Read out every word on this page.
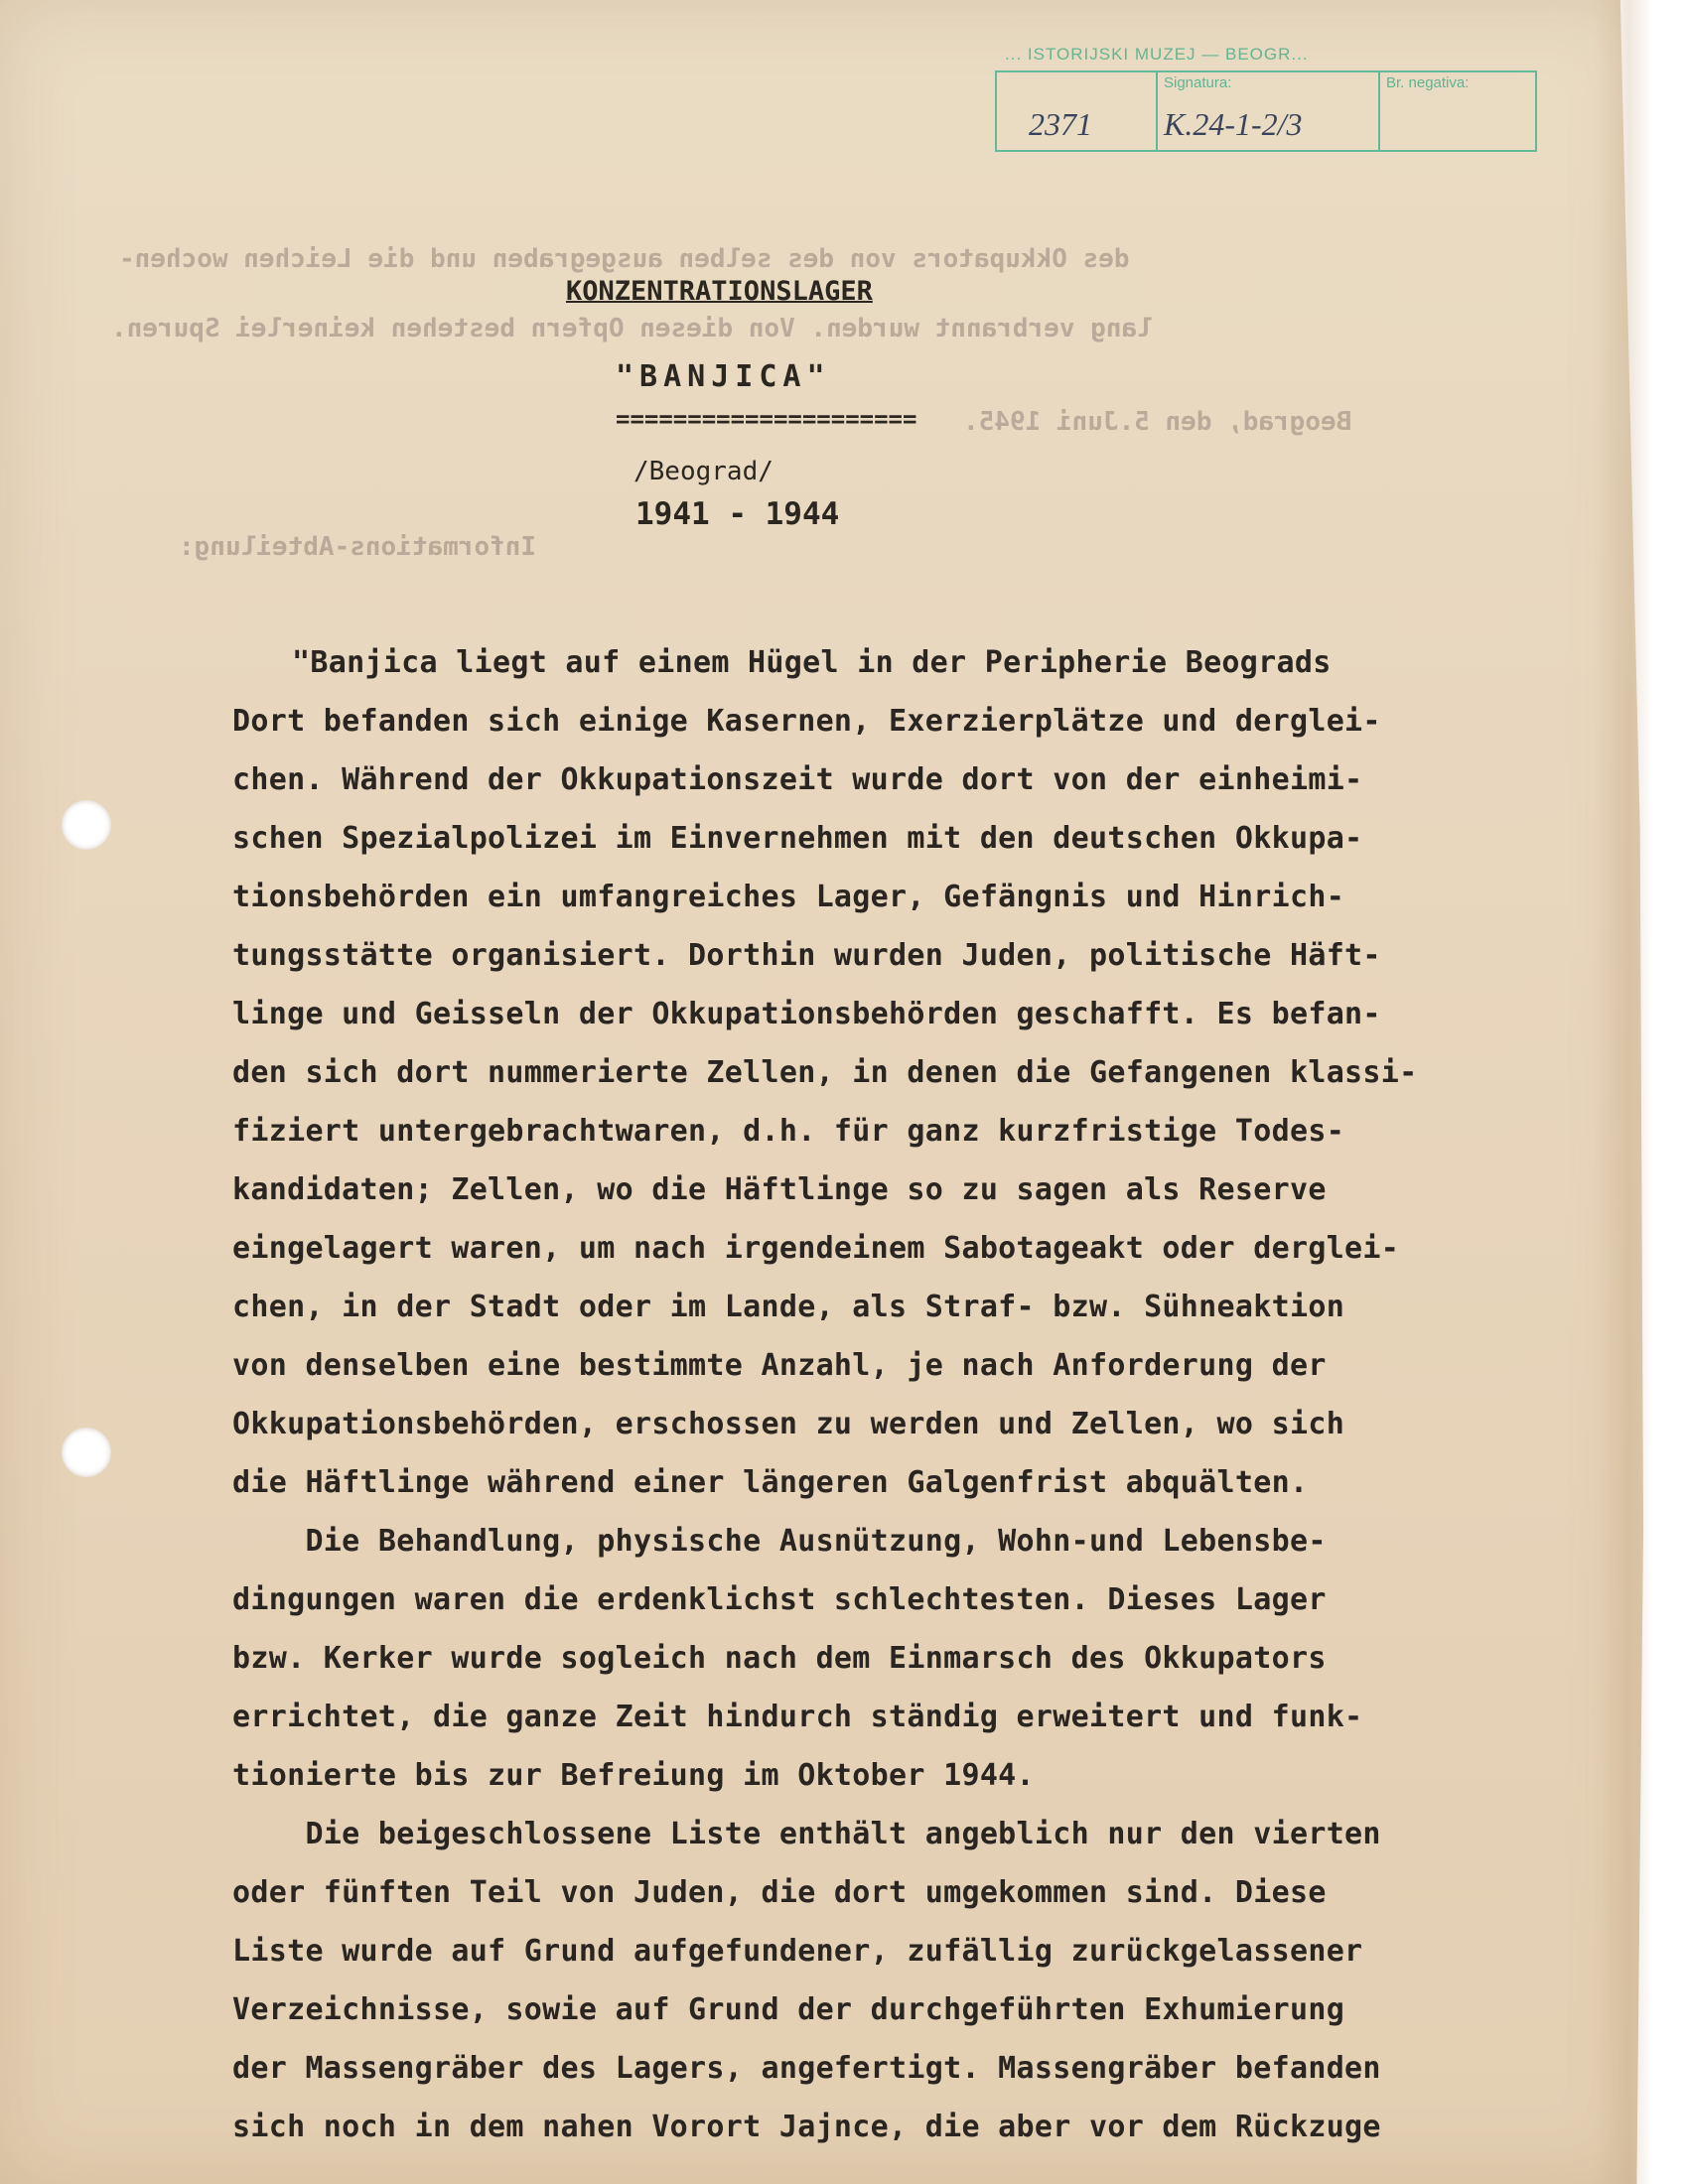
des Okkupators von des selben ausgegraben und die Leichen wochen-
lang verbrannt wurden. Von diesen Opfern bestehen keinerlei Spuren.
Beograd, den 5.Juni 1945.
Informations-Abteilung:
... ISTORIJSKI MUZEJ — BEOGR...
2371
Signatura:
K.24-1-2/3
Br. negativa:
KONZENTRATIONSLAGER
"BANJICA"
=====================
/Beograd/
1941 - 1944
"Banjica liegt auf einem Hügel in der Peripherie Beograds
Dort befanden sich einige Kasernen, Exerzierplätze und derglei-
chen. Während der Okkupationszeit wurde dort von der einheimi-
schen Spezialpolizei im Einvernehmen mit den deutschen Okkupa-
tionsbehörden ein umfangreiches Lager, Gefängnis und Hinrich-
tungsstätte organisiert. Dorthin wurden Juden, politische Häft-
linge und Geisseln der Okkupationsbehörden geschafft. Es befan-
den sich dort nummerierte Zellen, in denen die Gefangenen klassi-
fiziert untergebrachtwaren, d.h. für ganz kurzfristige Todes-
kandidaten; Zellen, wo die Häftlinge so zu sagen als Reserve
eingelagert waren, um nach irgendeinem Sabotageakt oder derglei-
chen, in der Stadt oder im Lande, als Straf- bzw. Sühneaktion
von denselben eine bestimmte Anzahl, je nach Anforderung der
Okkupationsbehörden, erschossen zu werden und Zellen, wo sich
die Häftlinge während einer längeren Galgenfrist abquälten.
Die Behandlung, physische Ausnützung, Wohn-und Lebensbe-
dingungen waren die erdenklichst schlechtesten. Dieses Lager
bzw. Kerker wurde sogleich nach dem Einmarsch des Okkupators
errichtet, die ganze Zeit hindurch ständig erweitert und funk-
tionierte bis zur Befreiung im Oktober 1944.
Die beigeschlossene Liste enthält angeblich nur den vierten
oder fünften Teil von Juden, die dort umgekommen sind. Diese
Liste wurde auf Grund aufgefundener, zufällig zurückgelassener
Verzeichnisse, sowie auf Grund der durchgeführten Exhumierung
der Massengräber des Lagers, angefertigt. Massengräber befanden
sich noch in dem nahen Vorort Jajnce, die aber vor dem Rückzuge
